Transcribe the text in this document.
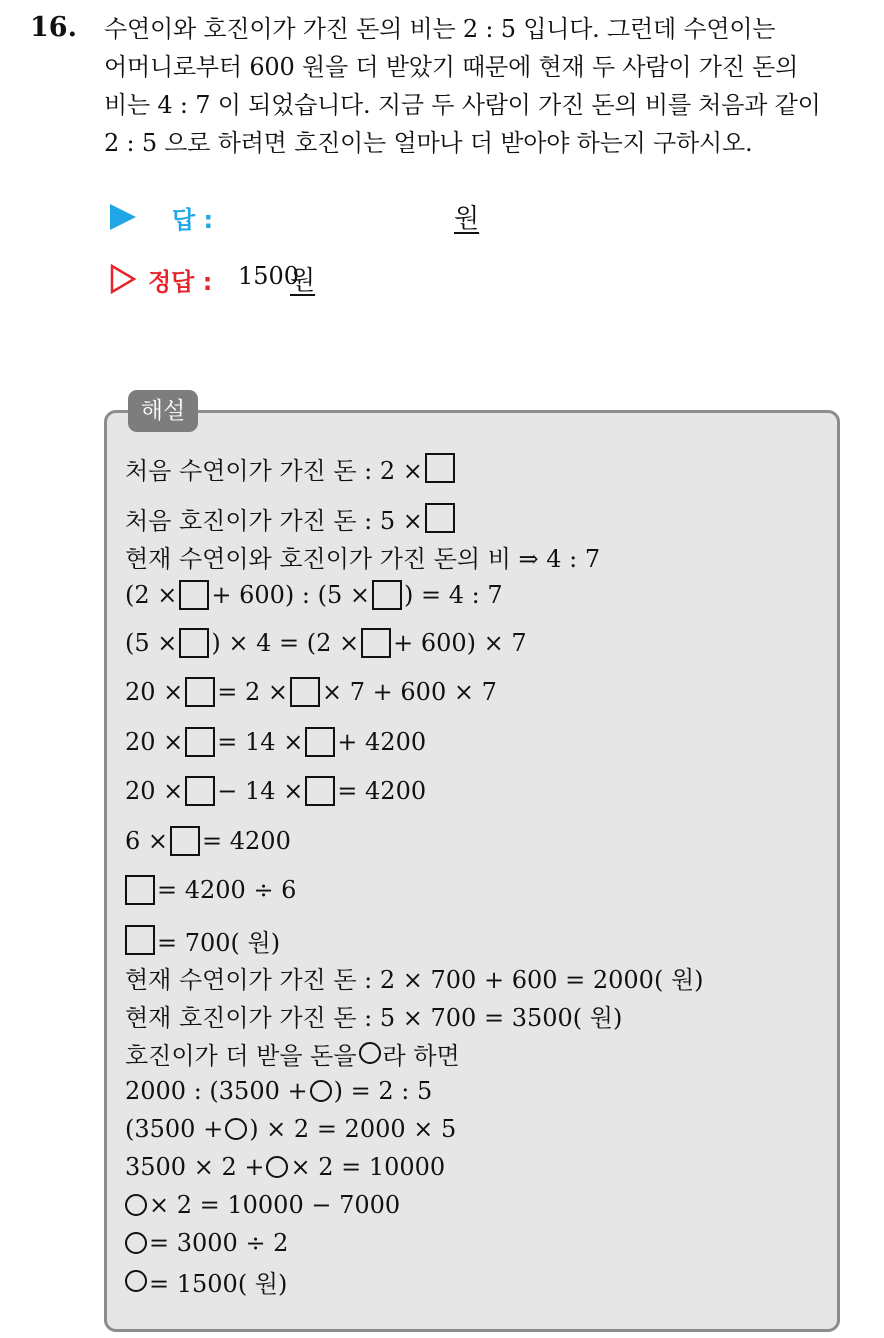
16. 수연이와 호진이가 가진 돈의 비는 2 : 5 입니다. 그런데 수연이는
어머니로부터 600 원을 더 받았기 때문에 현재 두 사람이 가진 돈의
비는 4 : 7 이 되었습니다. 지금 두 사람이 가진 돈의 비를 처음과 같이
2 : 5 으로 하려면 호진이는 얼마나 더 받아야 하는지 구하시오.
답 :	원
정답 : 1500
원
해설
처음 수연이가 가진 돈 : 2 ×
처음 호진이가 가진 돈 : 5 ×
현재 수연이와 호진이가 가진 돈의 비 ⇒ 4 : 7
(2 × + 600) : (5 × ) = 4 : 7
(5 × ) × 4 = (2 × + 600) × 7
20 × = 2 × × 7 + 600 × 7
20 × = 14 × + 4200
20 × − 14 × = 4200
6 × = 4200
= 4200 ÷ 6
= 700( 원)
현재 수연이가 가진 돈 : 2 × 700 + 600 = 2000( 원)
현재 호진이가 가진 돈 : 5 × 700 = 3500( 원)
호진이가 더 받을 돈을 라 하면
2000 : (3500 + ) = 2 : 5
(3500 + ) × 2 = 2000 × 5
3500 × 2 + × 2 = 10000
× 2 = 10000 − 7000
= 3000 ÷ 2
= 1500( 원)
